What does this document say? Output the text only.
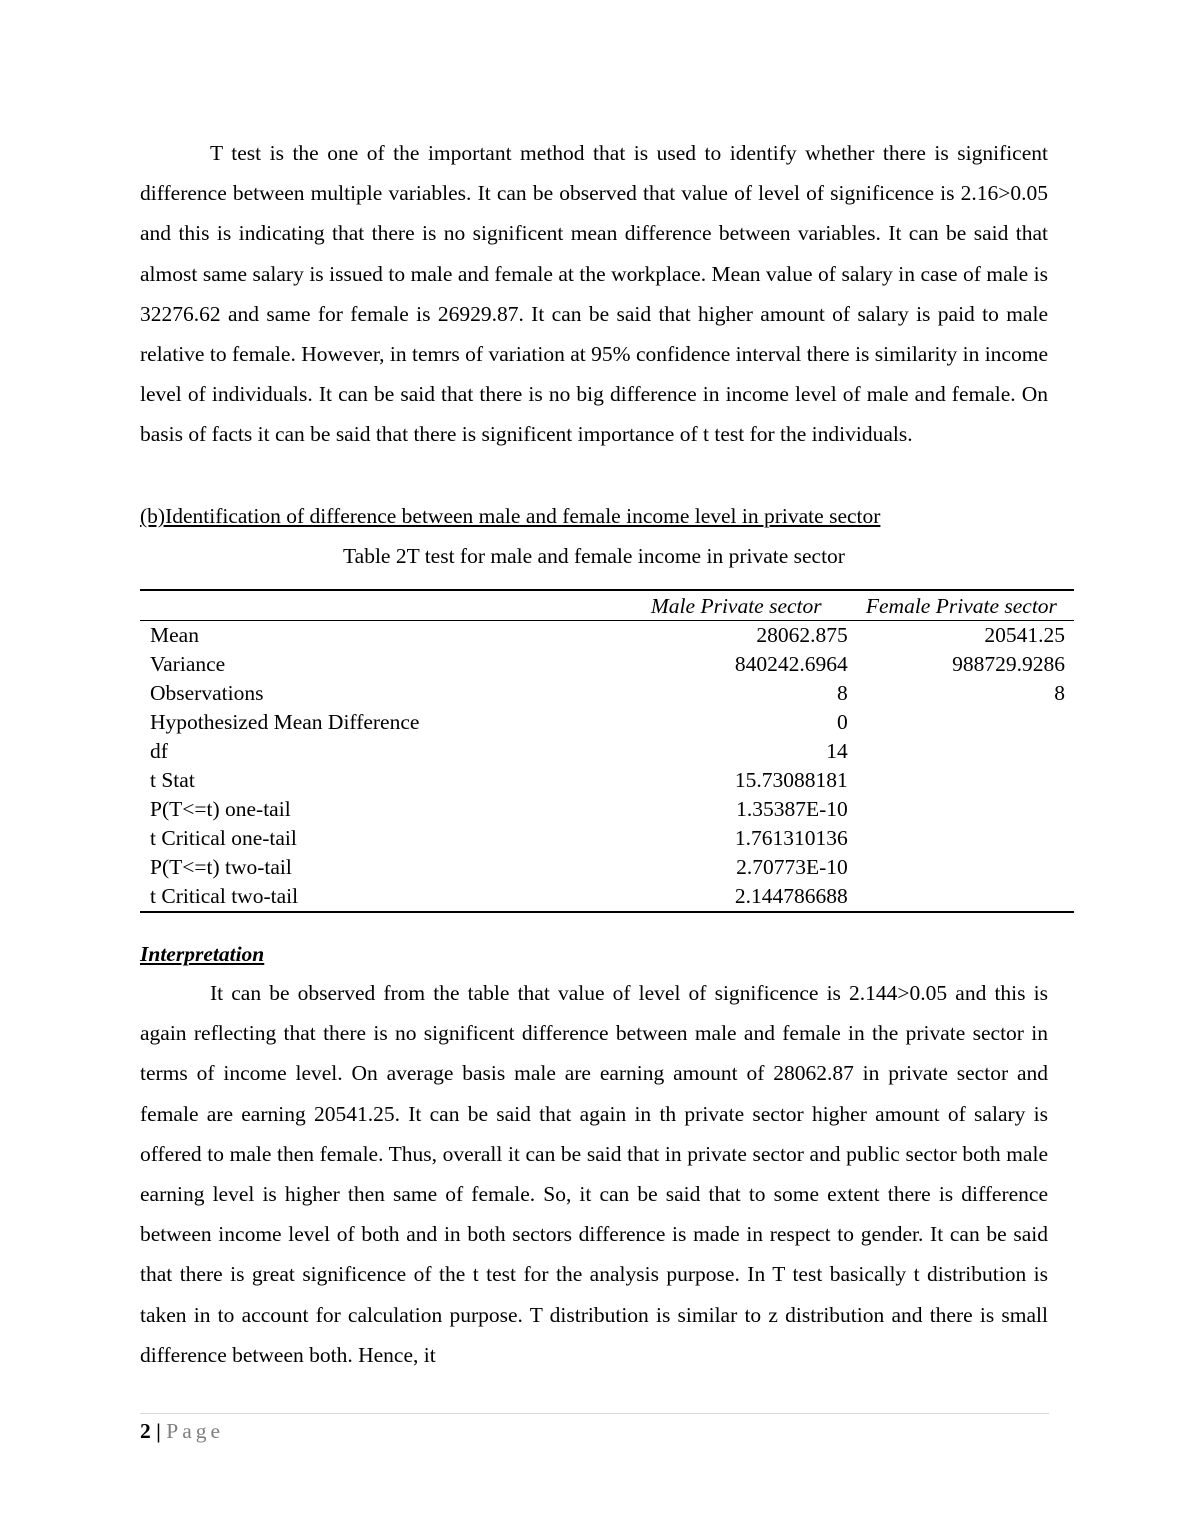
T test is the one of the important method that is used to identify whether there is significent difference between multiple variables. It can be observed that value of level of significence is 2.16>0.05 and this is indicating that there is no significent mean difference between variables. It can be said that almost same salary is issued to male and female at the workplace. Mean value of salary in case of male is 32276.62 and same for female is 26929.87. It can be said that higher amount of salary is paid to male relative to female. However, in temrs of variation at 95% confidence interval there is similarity in income level of individuals. It can be said that there is no big difference in income level of male and female. On basis of facts it can be said that there is significent importance of t test for the individuals.

(b)Identification of difference between male and female income level in private sector
Table 2T test for male and female income in private sector
	Male Private sector	Female Private sector
Mean	28062.875	20541.25
Variance	840242.6964	988729.9286
Observations	8	8
Hypothesized Mean Difference	0	
df	14	
t Stat	15.73088181	
P(T<=t) one-tail	1.35387E-10	
t Critical one-tail	1.761310136	
P(T<=t) two-tail	2.70773E-10	
t Critical two-tail	2.144786688	
Interpretation

It can be observed from the table that value of level of significence is 2.144>0.05 and this is again reflecting that there is no significent difference between male and female in the private sector in terms of income level. On average basis male are earning amount of 28062.87 in private sector and female are earning 20541.25. It can be said that again in th private sector higher amount of salary is offered to male then female. Thus, overall it can be said that in private sector and public sector both male earning level is higher then same of female. So, it can be said that to some extent there is difference between income level of both and in both sectors difference is made in respect to gender. It can be said that there is great significence of the t test for the analysis purpose. In T test basically t distribution is taken in to account for calculation purpose. T distribution is similar to z distribution and there is small difference between both. Hence, it

2 | Page
